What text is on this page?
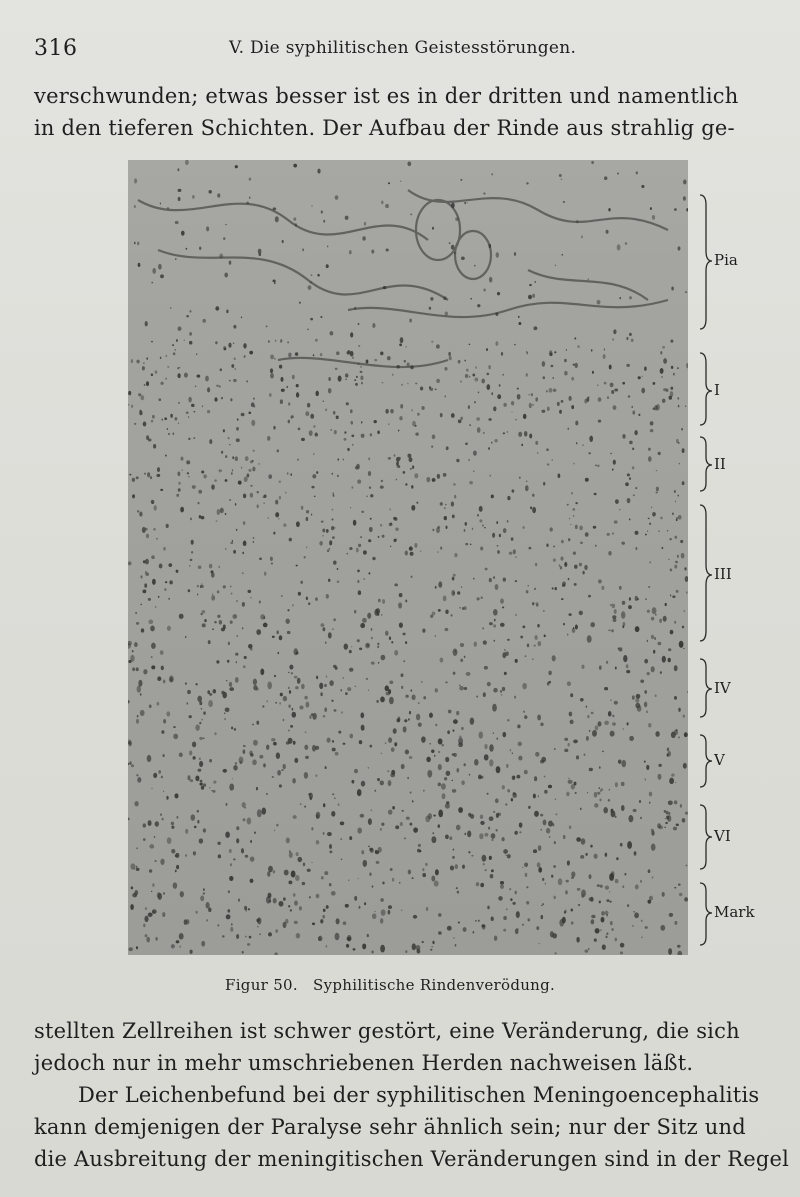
316	V. Die syphilitischen Geistesstörungen.

verschwunden; etwas besser ist es in der dritten und namentlich
in den tieferen Schichten. Der Aufbau der Rinde aus strahlig ge-

Pia
I
II
III
IV
V
VI
Mark
Figur 50. Syphilitische Rindenverödung.

stellten Zellreihen ist schwer gestört, eine Veränderung, die sich
jedoch nur in mehr umschriebenen Herden nachweisen läßt.
Der Leichenbefund bei der syphilitischen Meningoencephalitis
kann demjenigen der Paralyse sehr ähnlich sein; nur der Sitz und
die Ausbreitung der meningitischen Veränderungen sind in der Regel
